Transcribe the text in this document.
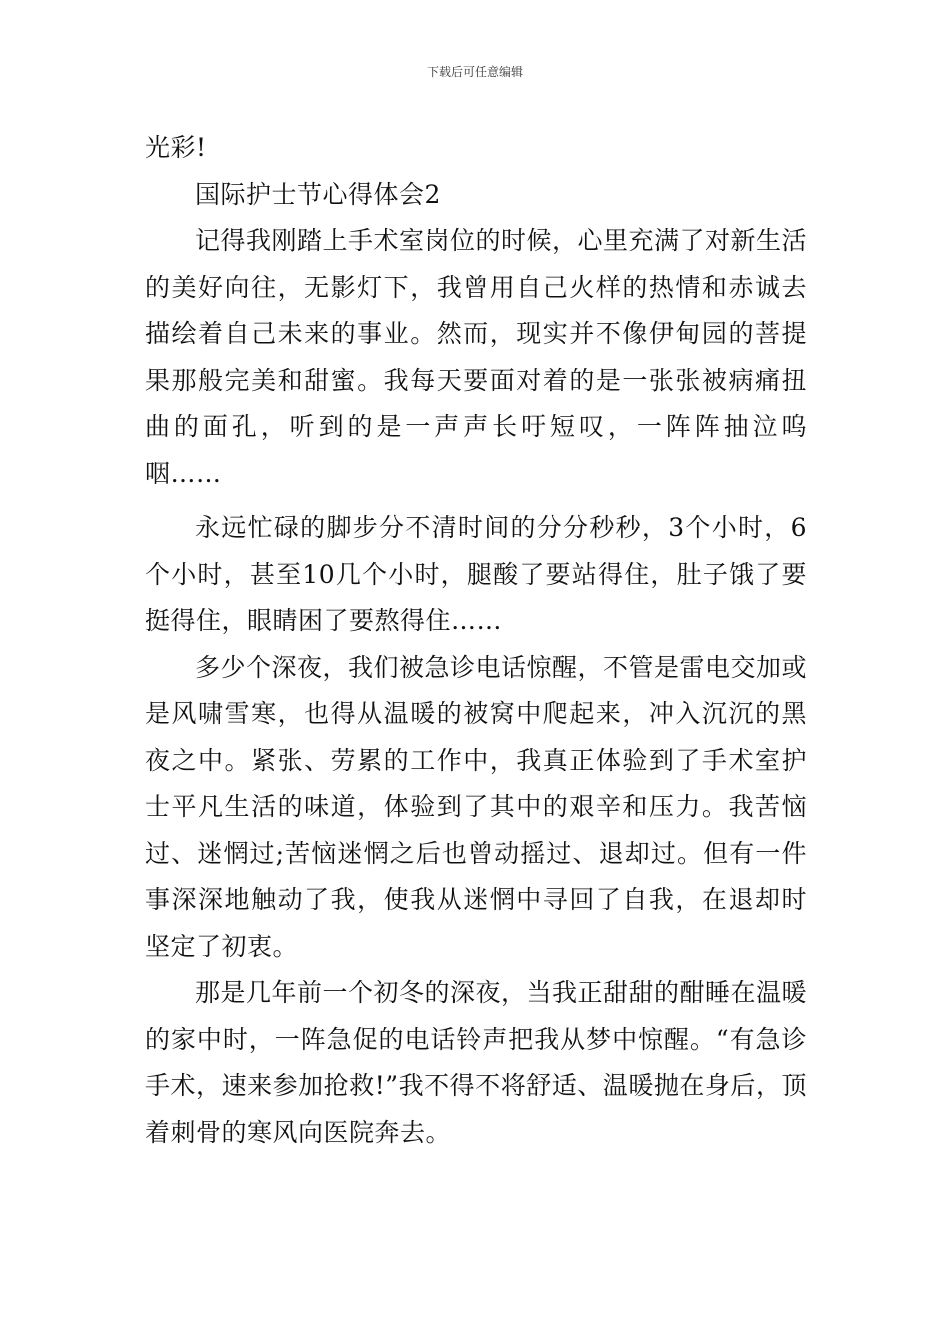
下载后可任意编辑

光彩!

国际护士节心得体会2

记得我刚踏上手术室岗位的时候，心里充满了对新生活的美好向往，无影灯下，我曾用自己火样的热情和赤诚去描绘着自己未来的事业。然而，现实并不像伊甸园的菩提果那般完美和甜蜜。我每天要面对着的是一张张被病痛扭曲的面孔，听到的是一声声长吁短叹，一阵阵抽泣呜咽……

永远忙碌的脚步分不清时间的分分秒秒，3个小时，6个小时，甚至10几个小时，腿酸了要站得住，肚子饿了要挺得住，眼睛困了要熬得住……

多少个深夜，我们被急诊电话惊醒，不管是雷电交加或是风啸雪寒，也得从温暖的被窝中爬起来，冲入沉沉的黑夜之中。紧张、劳累的工作中，我真正体验到了手术室护士平凡生活的味道，体验到了其中的艰辛和压力。我苦恼过、迷惘过;苦恼迷惘之后也曾动摇过、退却过。但有一件事深深地触动了我，使我从迷惘中寻回了自我，在退却时坚定了初衷。

那是几年前一个初冬的深夜，当我正甜甜的酣睡在温暖的家中时，一阵急促的电话铃声把我从梦中惊醒。“有急诊手术，速来参加抢救!”我不得不将舒适、温暖抛在身后，顶着刺骨的寒风向医院奔去。
